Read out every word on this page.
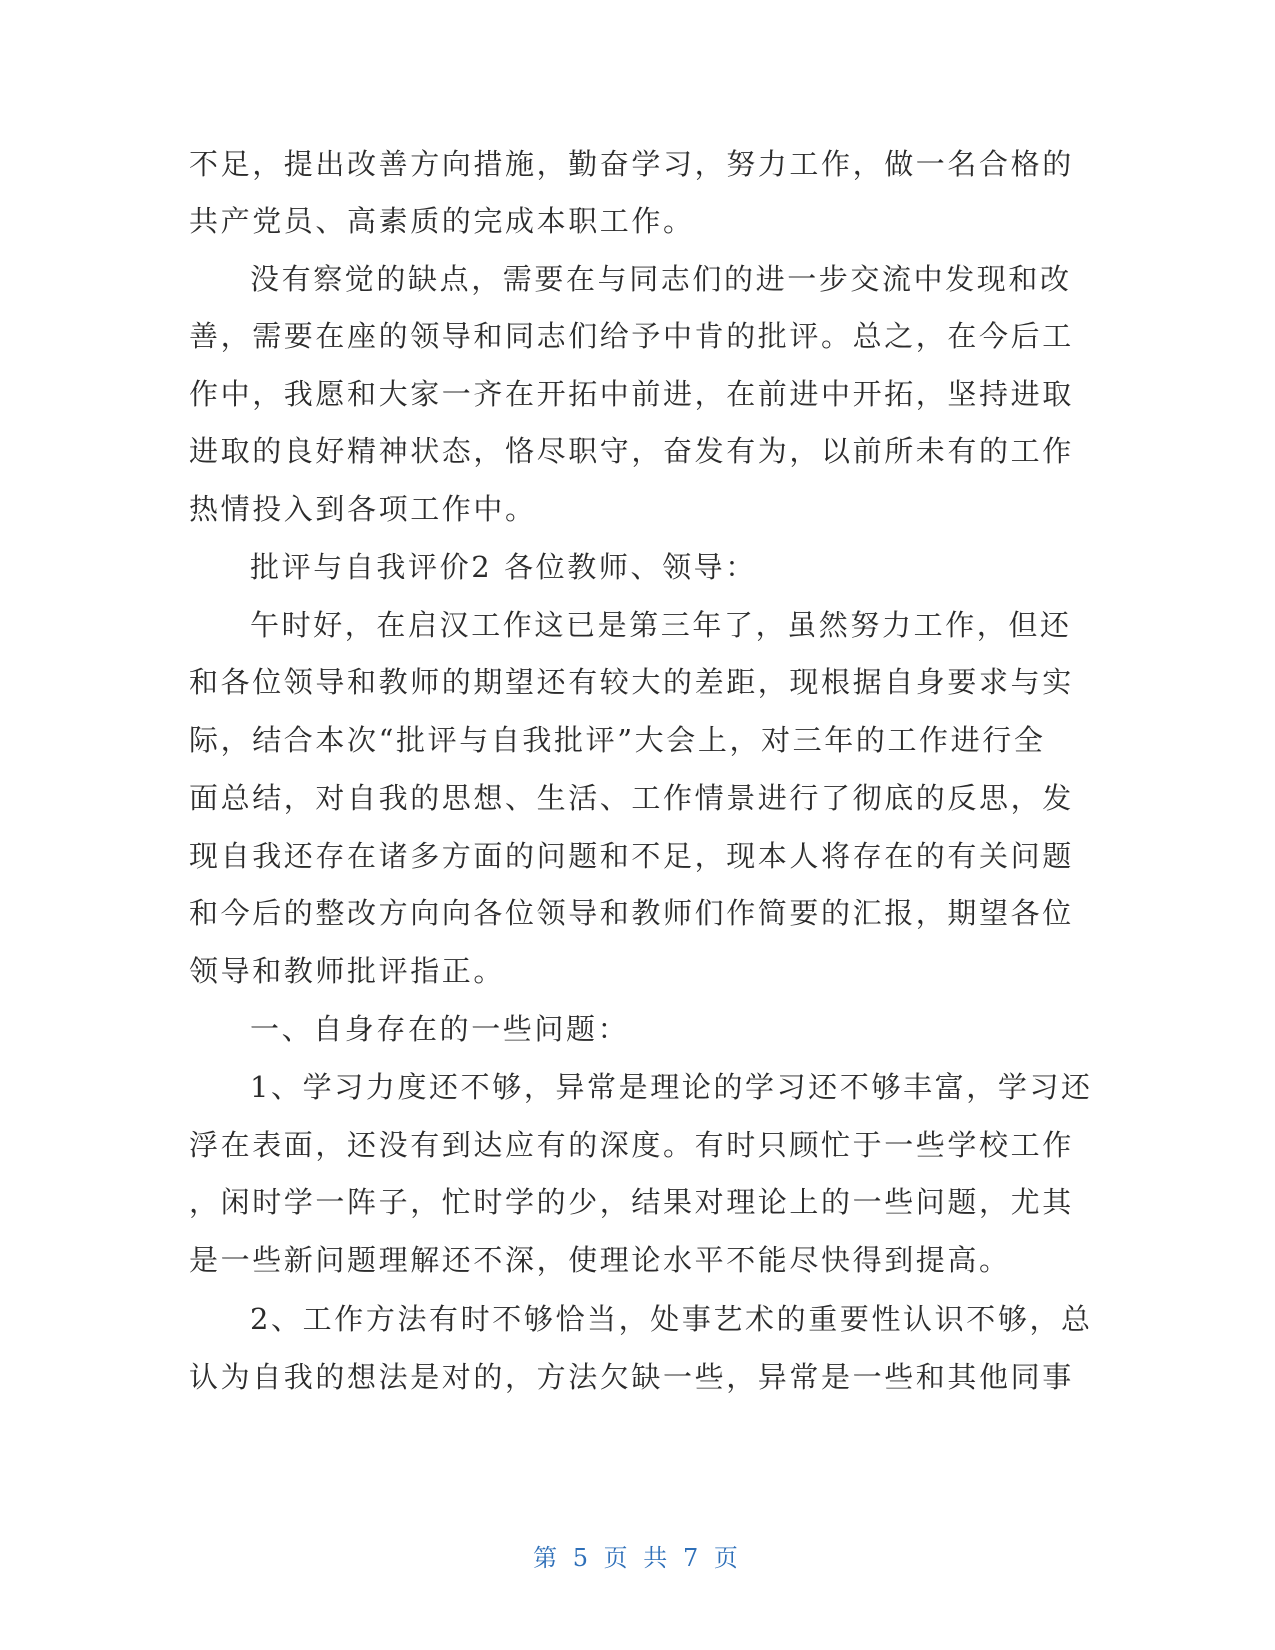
不足，提出改善方向措施，勤奋学习，努力工作，做一名合格的
共产党员、高素质的完成本职工作。
没有察觉的缺点，需要在与同志们的进一步交流中发现和改
善，需要在座的领导和同志们给予中肯的批评。总之，在今后工
作中，我愿和大家一齐在开拓中前进，在前进中开拓，坚持进取
进取的良好精神状态，恪尽职守，奋发有为，以前所未有的工作
热情投入到各项工作中。
批评与自我评价2 各位教师、领导：
午时好，在启汉工作这已是第三年了，虽然努力工作，但还
和各位领导和教师的期望还有较大的差距，现根据自身要求与实
际，结合本次“批评与自我批评”大会上，对三年的工作进行全
面总结，对自我的思想、生活、工作情景进行了彻底的反思，发
现自我还存在诸多方面的问题和不足，现本人将存在的有关问题
和今后的整改方向向各位领导和教师们作简要的汇报，期望各位
领导和教师批评指正。
一、自身存在的一些问题：
1、学习力度还不够，异常是理论的学习还不够丰富，学习还
浮在表面，还没有到达应有的深度。有时只顾忙于一些学校工作
，闲时学一阵子，忙时学的少，结果对理论上的一些问题，尤其
是一些新问题理解还不深，使理论水平不能尽快得到提高。
2、工作方法有时不够恰当，处事艺术的重要性认识不够，总
认为自我的想法是对的，方法欠缺一些，异常是一些和其他同事
第 5 页 共 7 页
